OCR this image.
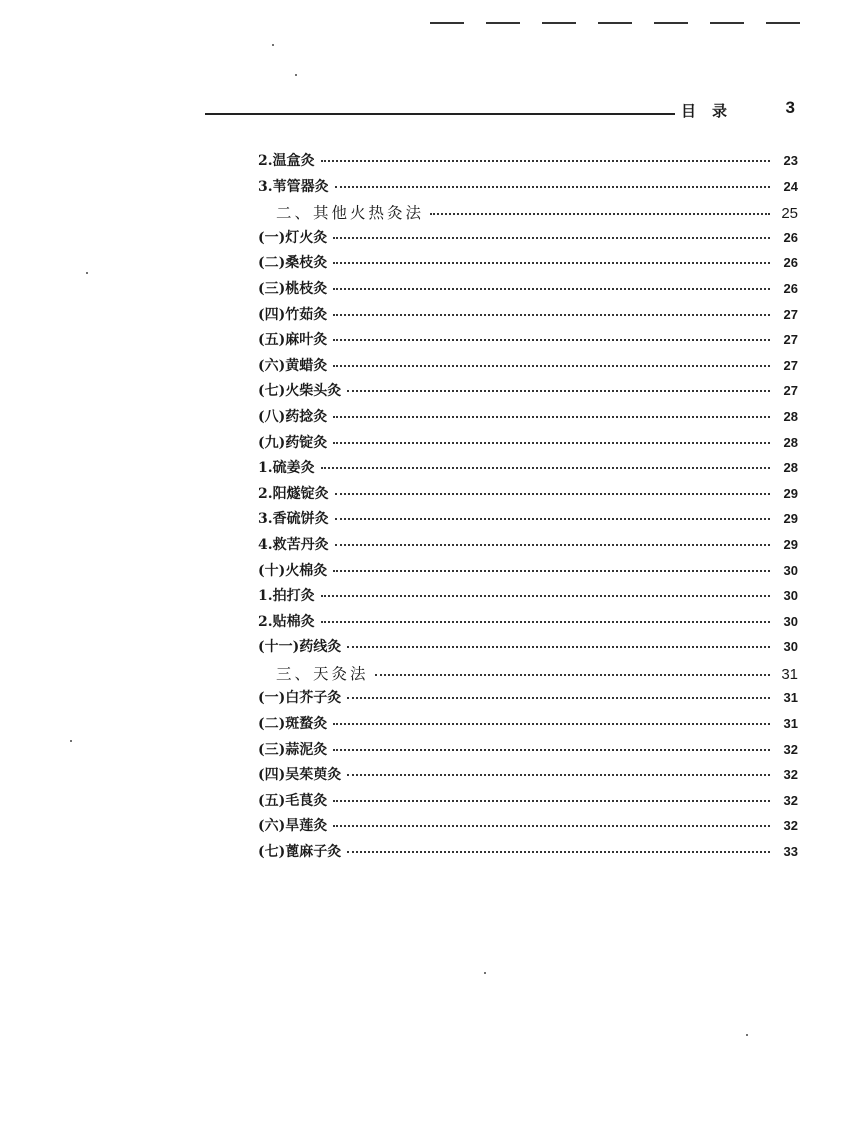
目录	3
2.温盒灸	23
3.苇管器灸	24
二、其他火热灸法	25
(一)灯火灸	26
(二)桑枝灸	26
(三)桃枝灸	26
(四)竹茹灸	27
(五)麻叶灸	27
(六)黄蜡灸	27
(七)火柴头灸	27
(八)药捻灸	28
(九)药锭灸	28
1.硫姜灸	28
2.阳燧锭灸	29
3.香硫饼灸	29
4.救苦丹灸	29
(十)火棉灸	30
1.拍打灸	30
2.贴棉灸	30
(十一)药线灸	30
三、天灸法	31
(一)白芥子灸	31
(二)斑蝥灸	31
(三)蒜泥灸	32
(四)吴茱萸灸	32
(五)毛茛灸	32
(六)旱莲灸	32
(七)蓖麻子灸	33
